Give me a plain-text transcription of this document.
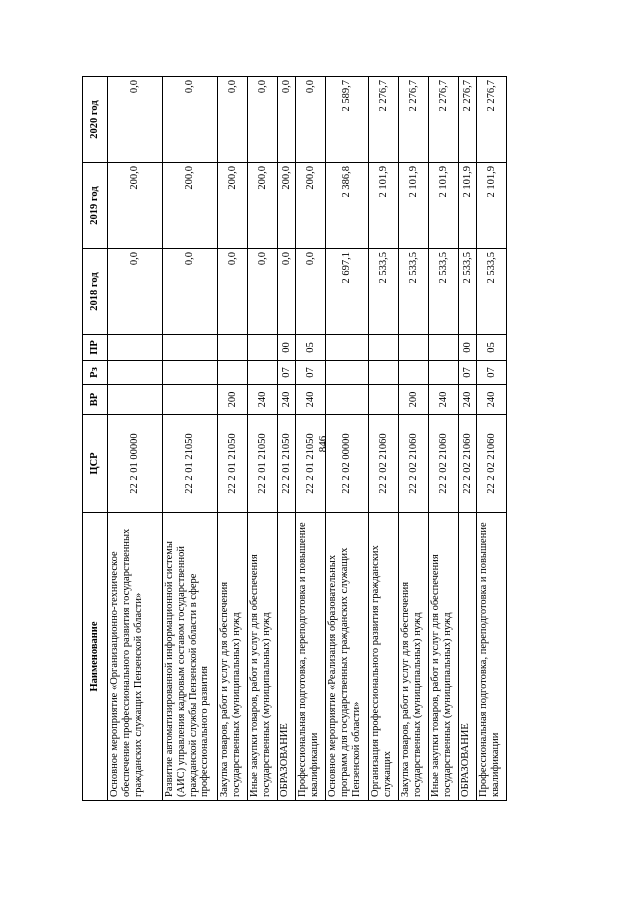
846
Наименование	ЦСР	ВР	Рз	ПР	2018 год	2019 год	2020 год
Основное мероприятие «Организационно-техническое обеспечение профессионального развития государственных гражданских служащих Пензенской области»	22 2 01 00000				0,0	200,0	0,0
Развитие автоматизированной информационной системы (АИС) управления кадровым составом государственной гражданской службы Пензенской области в сфере профессионального развития	22 2 01 21050				0,0	200,0	0,0
Закупка товаров, работ и услуг для обеспечения государственных (муниципальных) нужд	22 2 01 21050	200			0,0	200,0	0,0
Иные закупки товаров, работ и услуг для обеспечения государственных (муниципальных) нужд	22 2 01 21050	240			0,0	200,0	0,0
ОБРАЗОВАНИЕ	22 2 01 21050	240	07	00	0,0	200,0	0,0
Профессиональная подготовка, переподготовка и повышение квалификации	22 2 01 21050	240	07	05	0,0	200,0	0,0
Основное мероприятие «Реализация образовательных программ для государственных гражданских служащих Пензенской области»	22 2 02 00000				2 697,1	2 386,8	2 589,7
Организация профессионального развития гражданских служащих	22 2 02 21060				2 533,5	2 101,9	2 276,7
Закупка товаров, работ и услуг для обеспечения государственных (муниципальных) нужд	22 2 02 21060	200			2 533,5	2 101,9	2 276,7
Иные закупки товаров, работ и услуг для обеспечения государственных (муниципальных) нужд	22 2 02 21060	240			2 533,5	2 101,9	2 276,7
ОБРАЗОВАНИЕ	22 2 02 21060	240	07	00	2 533,5	2 101,9	2 276,7
Профессиональная подготовка, переподготовка и повышение квалификации	22 2 02 21060	240	07	05	2 533,5	2 101,9	2 276,7
